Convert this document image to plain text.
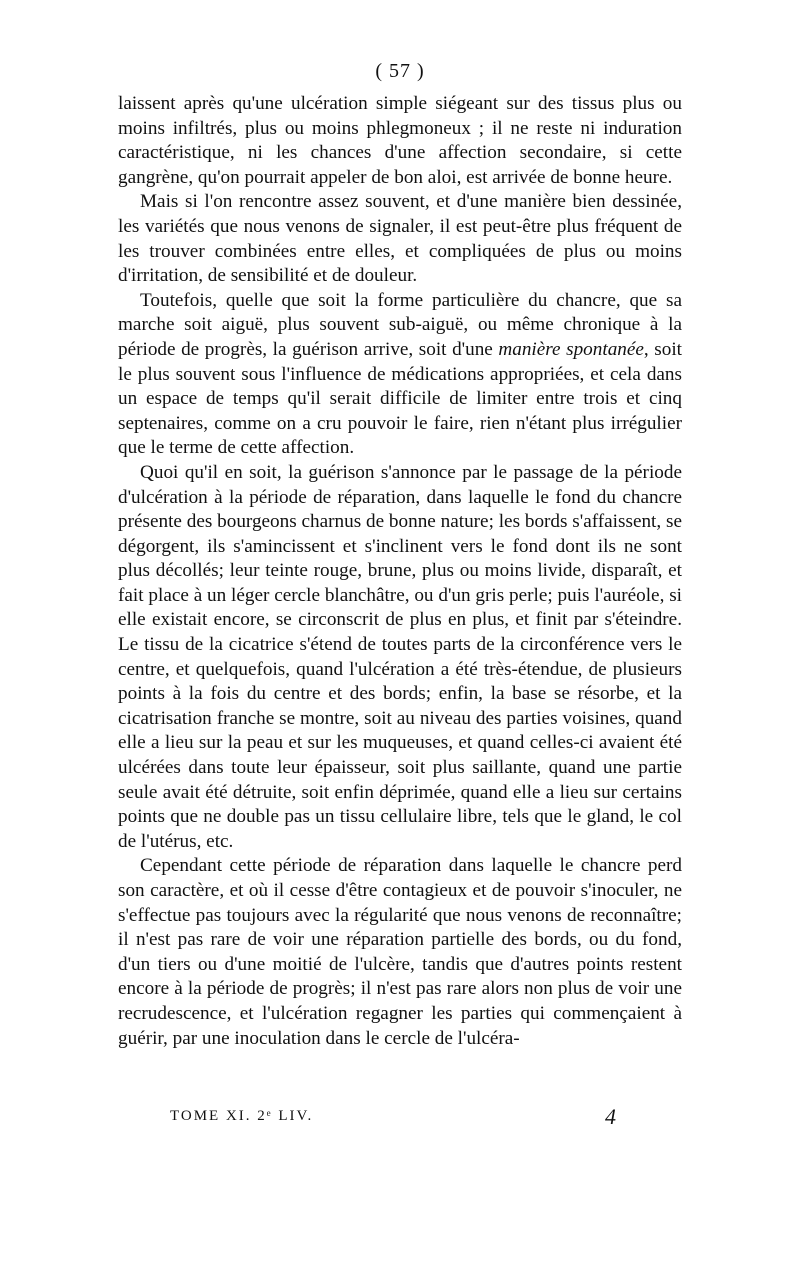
( 57 )

laissent après qu'une ulcération simple siégeant sur des tissus plus ou moins infiltrés, plus ou moins phlegmoneux ; il ne reste ni induration caractéristique, ni les chances d'une affection secondaire, si cette gangrène, qu'on pourrait appeler de bon aloi, est arrivée de bonne heure.

Mais si l'on rencontre assez souvent, et d'une manière bien dessinée, les variétés que nous venons de signaler, il est peut-être plus fréquent de les trouver combinées entre elles, et compliquées de plus ou moins d'irritation, de sensibilité et de douleur.

Toutefois, quelle que soit la forme particulière du chancre, que sa marche soit aiguë, plus souvent sub-aiguë, ou même chronique à la période de progrès, la guérison arrive, soit d'une manière spontanée, soit le plus souvent sous l'influence de médications appropriées, et cela dans un espace de temps qu'il serait difficile de limiter entre trois et cinq septenaires, comme on a cru pouvoir le faire, rien n'étant plus irrégulier que le terme de cette affection.

Quoi qu'il en soit, la guérison s'annonce par le passage de la période d'ulcération à la période de réparation, dans laquelle le fond du chancre présente des bourgeons charnus de bonne nature; les bords s'affaissent, se dégorgent, ils s'amincissent et s'inclinent vers le fond dont ils ne sont plus décollés; leur teinte rouge, brune, plus ou moins livide, disparaît, et fait place à un léger cercle blanchâtre, ou d'un gris perle; puis l'auréole, si elle existait encore, se circonscrit de plus en plus, et finit par s'éteindre. Le tissu de la cicatrice s'étend de toutes parts de la circonférence vers le centre, et quelquefois, quand l'ulcération a été très-étendue, de plusieurs points à la fois du centre et des bords; enfin, la base se résorbe, et la cicatrisation franche se montre, soit au niveau des parties voisines, quand elle a lieu sur la peau et sur les muqueuses, et quand celles-ci avaient été ulcérées dans toute leur épaisseur, soit plus saillante, quand une partie seule avait été détruite, soit enfin déprimée, quand elle a lieu sur certains points que ne double pas un tissu cellulaire libre, tels que le gland, le col de l'utérus, etc.

Cependant cette période de réparation dans laquelle le chancre perd son caractère, et où il cesse d'être contagieux et de pouvoir s'inoculer, ne s'effectue pas toujours avec la régularité que nous venons de reconnaître; il n'est pas rare de voir une réparation partielle des bords, ou du fond, d'un tiers ou d'une moitié de l'ulcère, tandis que d'autres points restent encore à la période de progrès; il n'est pas rare alors non plus de voir une recrudescence, et l'ulcération regagner les parties qui commençaient à guérir, par une inoculation dans le cercle de l'ulcéra-

TOME XI. 2ᵉ LIV.	4
